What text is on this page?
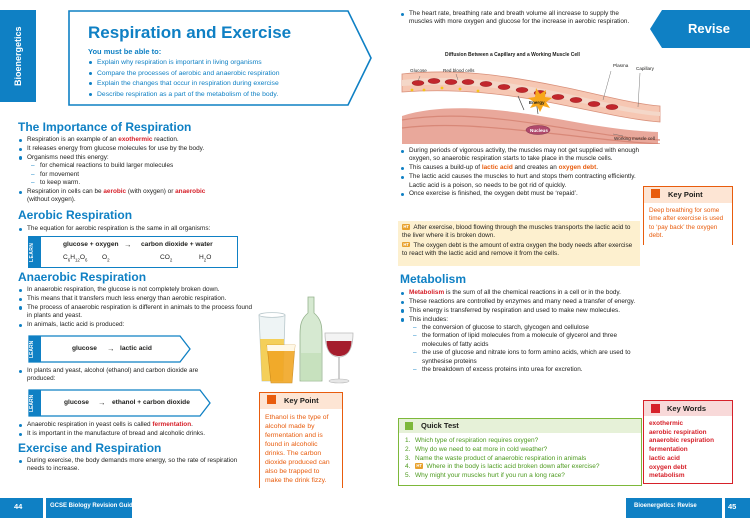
Bioenergetics	Respiration and Exercise
You must be able to:
Explain why respiration is important in living organisms
Compare the processes of aerobic and anaerobic respiration
Explain the changes that occur in respiration during exercise
Describe respiration as a part of the metabolism of the body.
The Importance of Respiration
Respiration is an example of an exothermic reaction.
It releases energy from glucose molecules for use by the body.
Organisms need this energy:
– for chemical reactions to build larger molecules
– for movement
– to keep warm.
Respiration in cells can be aerobic (with oxygen) or anaerobic
(without oxygen).
Aerobic Respiration
The equation for aerobic respiration is the same in all organisms:
LEARN	glucose + oxygen → carbon dioxide + water
$C_6H_{12}O_6$ $O_2$	$CO_2$	$H_2O$
Anaerobic Respiration
In anaerobic respiration, the glucose is not completely broken down.
This means that it transfers much less energy than aerobic respiration.
The process of anaerobic respiration is different in animals to the process found in plants and yeast.
In animals, lactic acid is produced:
LEARN	glucose → lactic acid
In plants and yeast, alcohol (ethanol) and carbon dioxide are produced:
LEARN	glucose → ethanol + carbon dioxide
Anaerobic respiration in yeast cells is called fermentation.
It is important in the manufacture of bread and alcoholic drinks.
Exercise and Respiration
During exercise, the body demands more energy, so the rate of respiration needs to increase.
Key Point
Ethanol is the type of alcohol made by fermentation and is found in alcoholic drinks. The carbon dioxide produced can also be trapped to make the drink fizzy.
44	GCSE Biology Revision Guide
Revise
The heart rate, breathing rate and breath volume all increase to supply the muscles with more oxygen and glucose for the increase in aerobic respiration.
Diffusion Between a Capillary and a Working Muscle Cell
Glucose	Red blood cells
Plasma
Capillary
Energy
Nucleus
Working muscle cell
During periods of vigorous activity, the muscles may not get supplied with enough oxygen, so anaerobic respiration starts to take place in the muscle cells.
This causes a build-up of lactic acid and creates an oxygen debt.
The lactic acid causes the muscles to hurt and stops them contracting efficiently. Lactic acid is a poison, so needs to be got rid of quickly.
Once exercise is finished, the oxygen debt must be ‘repaid’.
HT After exercise, blood flowing through the muscles transports the lactic acid to the liver where it is broken down.
HT The oxygen debt is the amount of extra oxygen the body needs after exercise to react with the lactic acid and remove it from the cells.
Key Point
Deep breathing for some time after exercise is used to ‘pay back’ the oxygen debt.
Metabolism
Metabolism is the sum of all the chemical reactions in a cell or in the body.
These reactions are controlled by enzymes and many need a transfer of energy.
This energy is transferred by respiration and used to make new molecules.
This includes:
– the conversion of glucose to starch, glycogen and cellulose
– the formation of lipid molecules from a molecule of glycerol and three molecules of fatty acids
– the use of glucose and nitrate ions to form amino acids, which are used to synthesise proteins
– the breakdown of excess proteins into urea for excretion.
Quick Test
1. Which type of respiration requires oxygen?
2. Why do we need to eat more in cold weather?
3. Name the waste product of anaerobic respiration in animals
4. HT Where in the body is lactic acid broken down after exercise?
5. Why might your muscles hurt if you run a long race?
Key Words
exothermic
aerobic respiration
anaerobic respiration
fermentation
lactic acid
oxygen debt
metabolism
Bioenergetics: Revise	45
